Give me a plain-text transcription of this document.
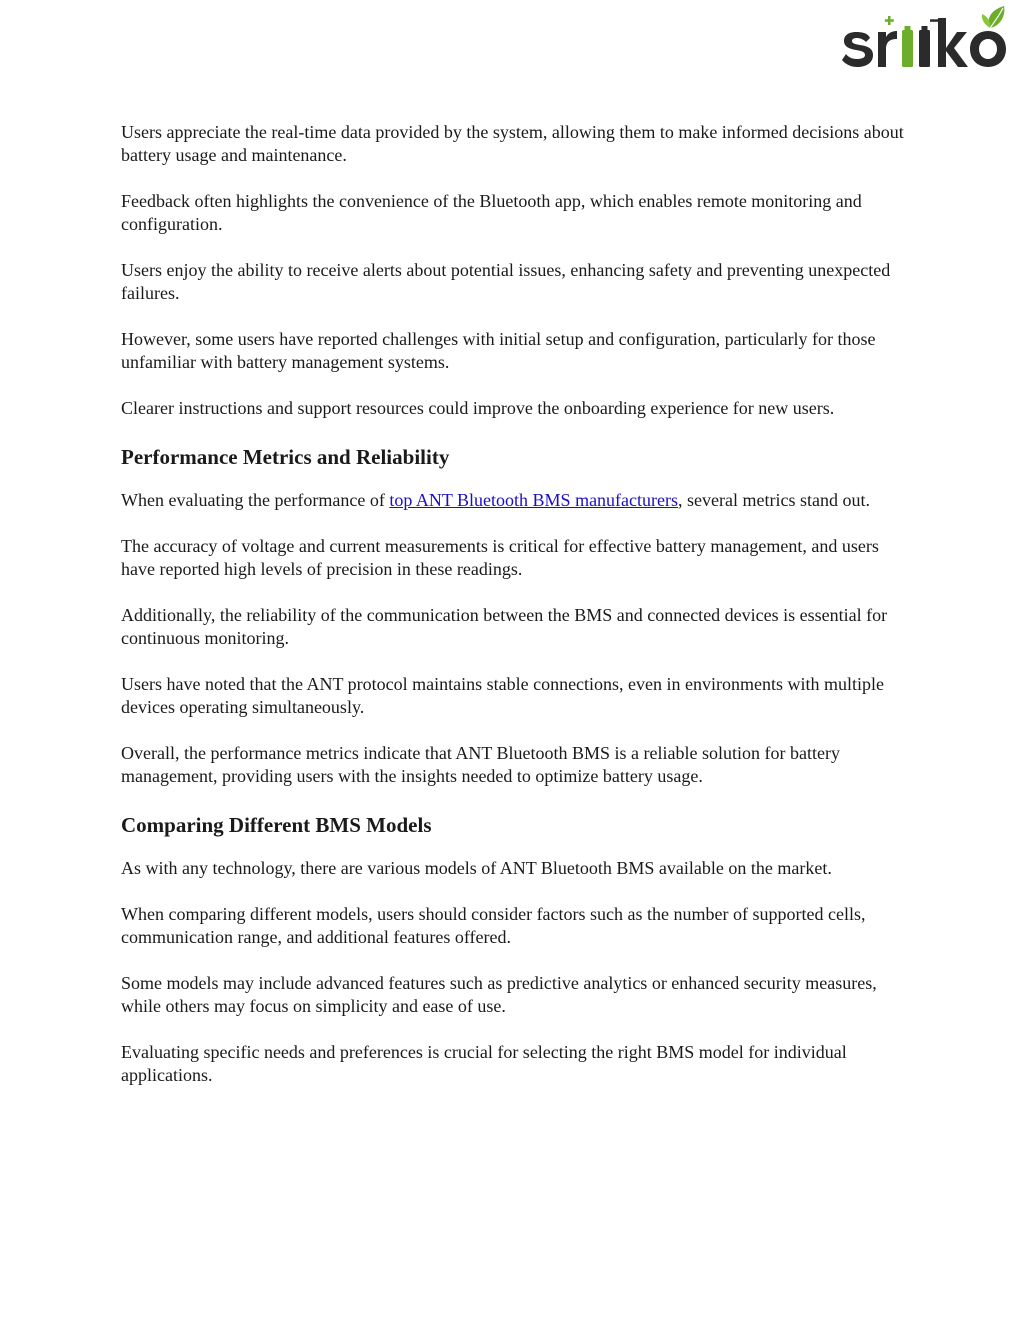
Users appreciate the real-time data provided by the system, allowing them to make informed decisions about battery usage and maintenance.

Feedback often highlights the convenience of the Bluetooth app, which enables remote monitoring and configuration.

Users enjoy the ability to receive alerts about potential issues, enhancing safety and preventing unexpected failures.

However, some users have reported challenges with initial setup and configuration, particularly for those unfamiliar with battery management systems.

Clearer instructions and support resources could improve the onboarding experience for new users.

Performance Metrics and Reliability

When evaluating the performance of top ANT Bluetooth BMS manufacturers, several metrics stand out.

The accuracy of voltage and current measurements is critical for effective battery management, and users have reported high levels of precision in these readings.

Additionally, the reliability of the communication between the BMS and connected devices is essential for continuous monitoring.

Users have noted that the ANT protocol maintains stable connections, even in environments with multiple devices operating simultaneously.

Overall, the performance metrics indicate that ANT Bluetooth BMS is a reliable solution for battery management, providing users with the insights needed to optimize battery usage.

Comparing Different BMS Models

As with any technology, there are various models of ANT Bluetooth BMS available on the market.

When comparing different models, users should consider factors such as the number of supported cells, communication range, and additional features offered.

Some models may include advanced features such as predictive analytics or enhanced security measures, while others may focus on simplicity and ease of use.

Evaluating specific needs and preferences is crucial for selecting the right BMS model for individual applications.
